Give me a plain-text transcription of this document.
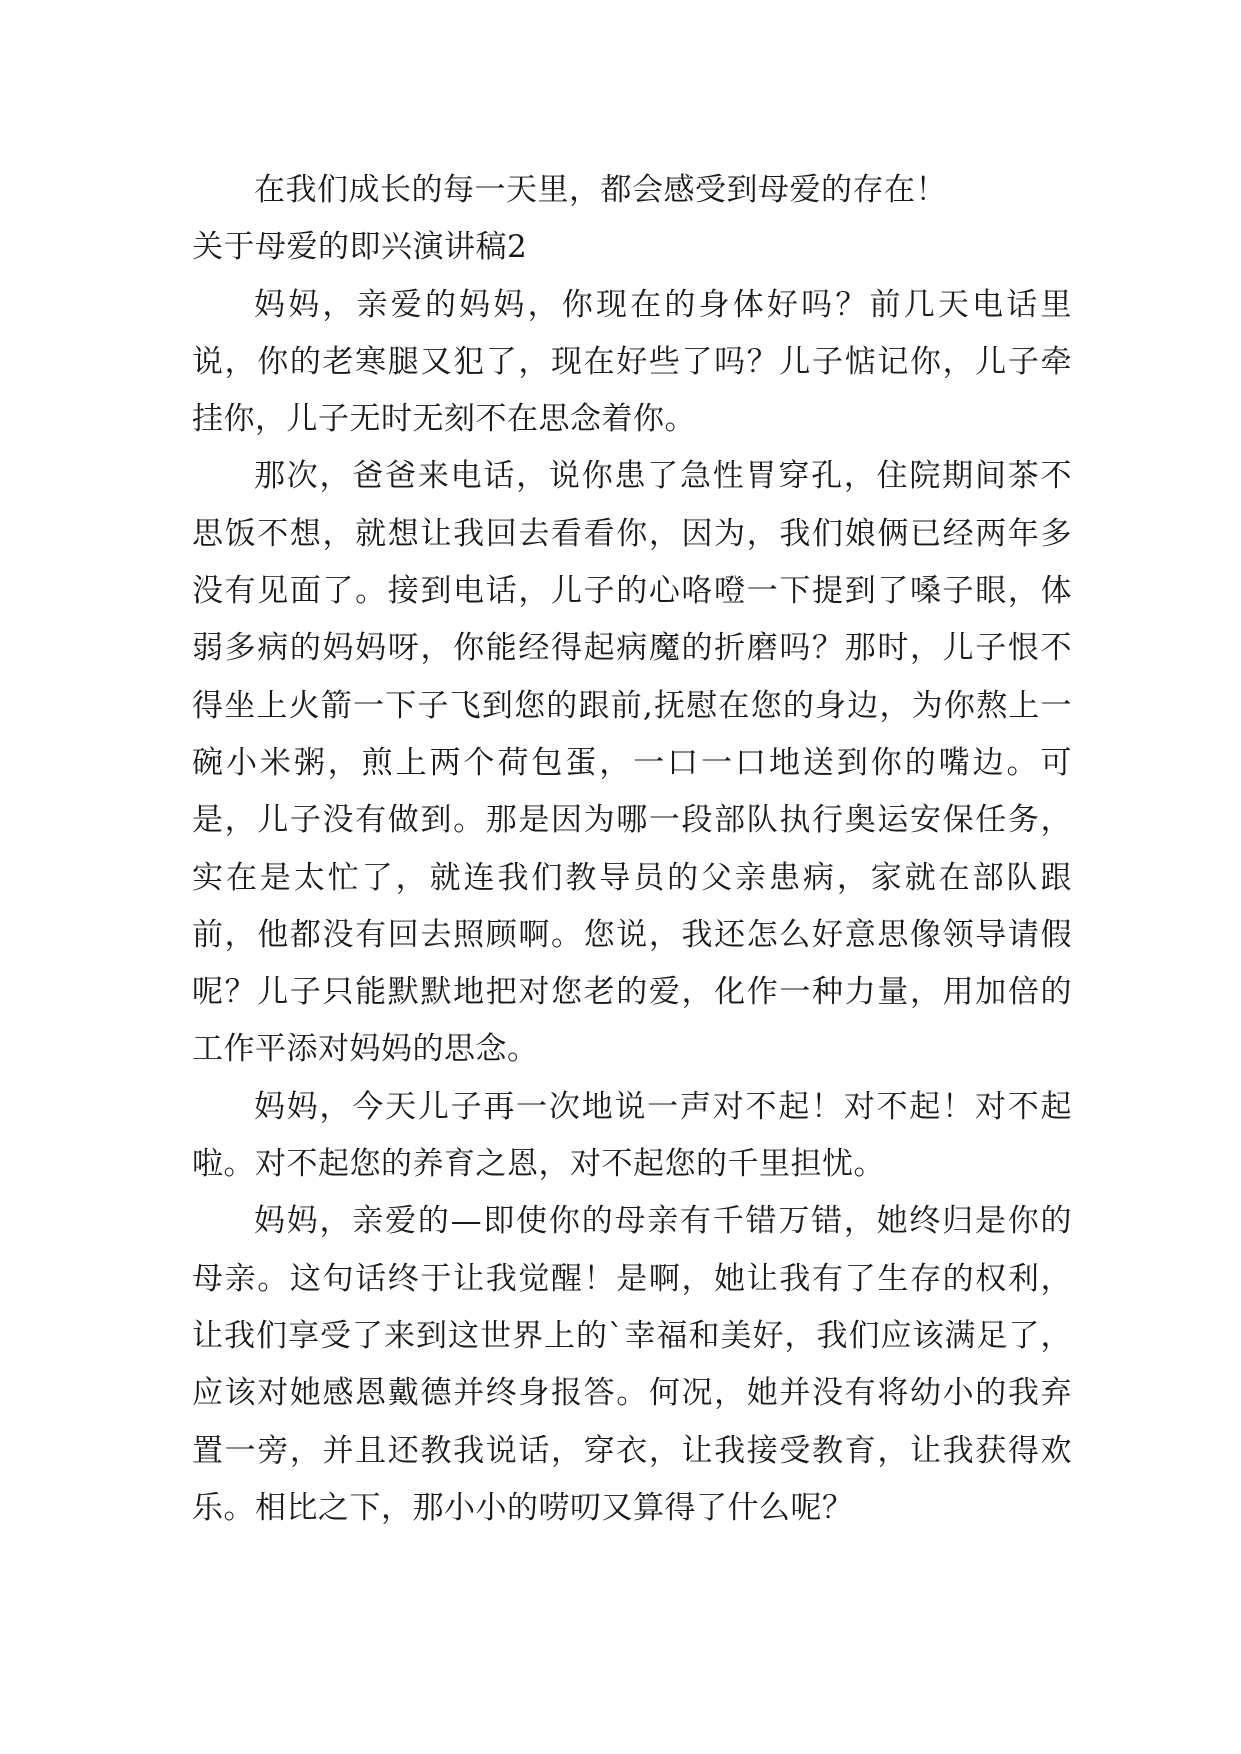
在我们成长的每一天里，都会感受到母爱的存在！

关于母爱的即兴演讲稿2

妈妈，亲爱的妈妈，你现在的身体好吗？前几天电话里说，你的老寒腿又犯了，现在好些了吗？儿子惦记你，儿子牵挂你，儿子无时无刻不在思念着你。

那次，爸爸来电话，说你患了急性胃穿孔，住院期间茶不思饭不想，就想让我回去看看你，因为，我们娘俩已经两年多没有见面了。接到电话，儿子的心咯噔一下提到了嗓子眼，体弱多病的妈妈呀，你能经得起病魔的折磨吗？那时，儿子恨不得坐上火箭一下子飞到您的跟前,抚慰在您的身边，为你熬上一碗小米粥，煎上两个荷包蛋，一口一口地送到你的嘴边。可是，儿子没有做到。那是因为哪一段部队执行奥运安保任务，实在是太忙了，就连我们教导员的父亲患病，家就在部队跟前，他都没有回去照顾啊。您说，我还怎么好意思像领导请假呢？儿子只能默默地把对您老的爱，化作一种力量，用加倍的工作平添对妈妈的思念。

妈妈，今天儿子再一次地说一声对不起！对不起！对不起啦。对不起您的养育之恩，对不起您的千里担忧。

妈妈，亲爱的—即使你的母亲有千错万错，她终归是你的母亲。这句话终于让我觉醒！是啊，她让我有了生存的权利，让我们享受了来到这世界上的`幸福和美好，我们应该满足了，应该对她感恩戴德并终身报答。何况，她并没有将幼小的我弃置一旁，并且还教我说话，穿衣，让我接受教育，让我获得欢乐。相比之下，那小小的唠叨又算得了什么呢？
